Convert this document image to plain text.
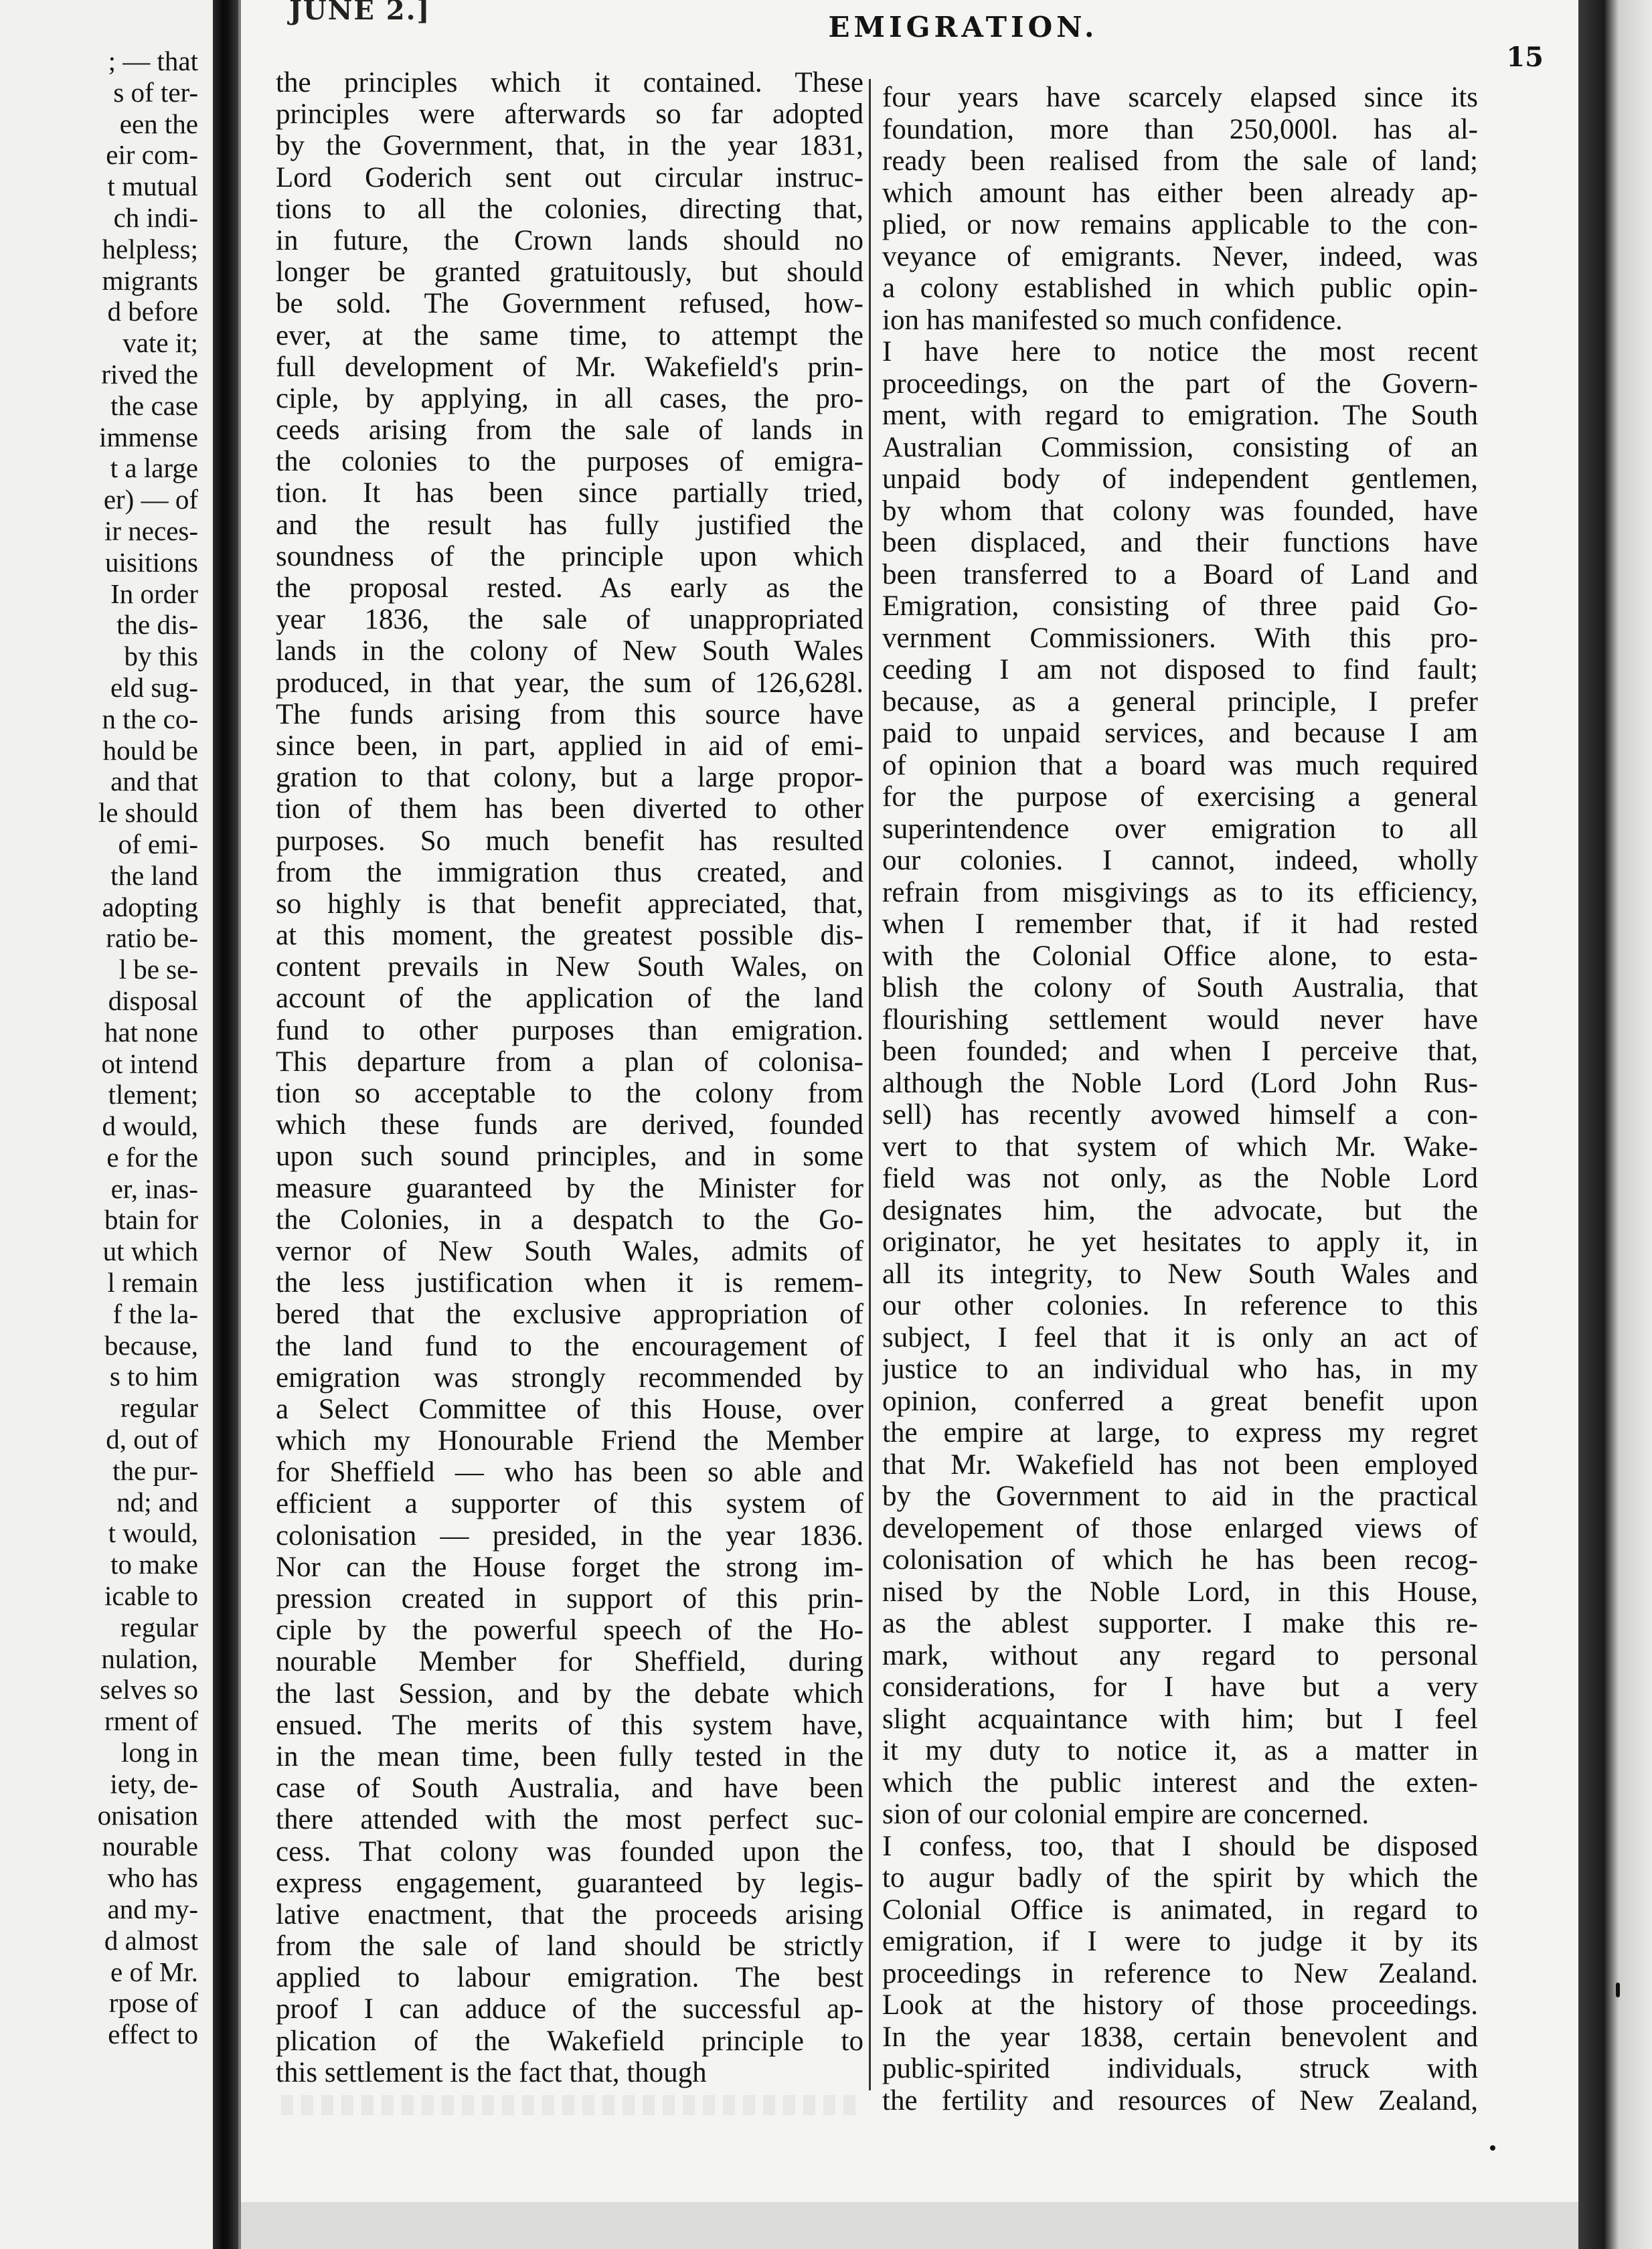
; — that
s of ter-
een the
eir com-
t mutual
ch indi-
helpless;
migrants
d before
vate it;
rived the
the case
immense
t a large
er) — of
ir neces-
uisitions
In order
the dis-
by this
eld sug-
n the co-
hould be
and that
le should
of emi-
the land
adopting
ratio be-
l be se-
disposal
hat none
ot intend
tlement;
d would,
e for the
er, inas-
btain for
ut which
l remain
f the la-
because,
s to him
regular
d, out of
the pur-
nd; and
t would,
to make
icable to
regular
nulation,
selves so
rment of
long in
iety, de-
onisation
nourable
who has
and my-
d almost
e of Mr.
rpose of
effect to
JUNE 2.]
EMIGRATION.
15
the principles which it contained. These
principles were afterwards so far adopted
by the Government, that, in the year 1831,
Lord Goderich sent out circular instruc-
tions to all the colonies, directing that,
in future, the Crown lands should no
longer be granted gratuitously, but should
be sold. The Government refused, how-
ever, at the same time, to attempt the
full development of Mr. Wakefield's prin-
ciple, by applying, in all cases, the pro-
ceeds arising from the sale of lands in
the colonies to the purposes of emigra-
tion. It has been since partially tried,
and the result has fully justified the
soundness of the principle upon which
the proposal rested. As early as the
year 1836, the sale of unappropriated
lands in the colony of New South Wales
produced, in that year, the sum of 126,628l.
The funds arising from this source have
since been, in part, applied in aid of emi-
gration to that colony, but a large propor-
tion of them has been diverted to other
purposes. So much benefit has resulted
from the immigration thus created, and
so highly is that benefit appreciated, that,
at this moment, the greatest possible dis-
content prevails in New South Wales, on
account of the application of the land
fund to other purposes than emigration.
This departure from a plan of colonisa-
tion so acceptable to the colony from
which these funds are derived, founded
upon such sound principles, and in some
measure guaranteed by the Minister for
the Colonies, in a despatch to the Go-
vernor of New South Wales, admits of
the less justification when it is remem-
bered that the exclusive appropriation of
the land fund to the encouragement of
emigration was strongly recommended by
a Select Committee of this House, over
which my Honourable Friend the Member
for Sheffield — who has been so able and
efficient a supporter of this system of
colonisation — presided, in the year 1836.
Nor can the House forget the strong im-
pression created in support of this prin-
ciple by the powerful speech of the Ho-
nourable Member for Sheffield, during
the last Session, and by the debate which
ensued. The merits of this system have,
in the mean time, been fully tested in the
case of South Australia, and have been
there attended with the most perfect suc-
cess. That colony was founded upon the
express engagement, guaranteed by legis-
lative enactment, that the proceeds arising
from the sale of land should be strictly
applied to labour emigration. The best
proof I can adduce of the successful ap-
plication of the Wakefield principle to
this settlement is the fact that, though
four years have scarcely elapsed since its
foundation, more than 250,000l. has al-
ready been realised from the sale of land;
which amount has either been already ap-
plied, or now remains applicable to the con-
veyance of emigrants. Never, indeed, was
a colony established in which public opin-
ion has manifested so much confidence.
I have here to notice the most recent
proceedings, on the part of the Govern-
ment, with regard to emigration. The South
Australian Commission, consisting of an
unpaid body of independent gentlemen,
by whom that colony was founded, have
been displaced, and their functions have
been transferred to a Board of Land and
Emigration, consisting of three paid Go-
vernment Commissioners. With this pro-
ceeding I am not disposed to find fault;
because, as a general principle, I prefer
paid to unpaid services, and because I am
of opinion that a board was much required
for the purpose of exercising a general
superintendence over emigration to all
our colonies. I cannot, indeed, wholly
refrain from misgivings as to its efficiency,
when I remember that, if it had rested
with the Colonial Office alone, to esta-
blish the colony of South Australia, that
flourishing settlement would never have
been founded; and when I perceive that,
although the Noble Lord (Lord John Rus-
sell) has recently avowed himself a con-
vert to that system of which Mr. Wake-
field was not only, as the Noble Lord
designates him, the advocate, but the
originator, he yet hesitates to apply it, in
all its integrity, to New South Wales and
our other colonies. In reference to this
subject, I feel that it is only an act of
justice to an individual who has, in my
opinion, conferred a great benefit upon
the empire at large, to express my regret
that Mr. Wakefield has not been employed
by the Government to aid in the practical
developement of those enlarged views of
colonisation of which he has been recog-
nised by the Noble Lord, in this House,
as the ablest supporter. I make this re-
mark, without any regard to personal
considerations, for I have but a very
slight acquaintance with him; but I feel
it my duty to notice it, as a matter in
which the public interest and the exten-
sion of our colonial empire are concerned.
I confess, too, that I should be disposed
to augur badly of the spirit by which the
Colonial Office is animated, in regard to
emigration, if I were to judge it by its
proceedings in reference to New Zealand.
Look at the history of those proceedings.
In the year 1838, certain benevolent and
public-spirited individuals, struck with
the fertility and resources of New Zealand,
